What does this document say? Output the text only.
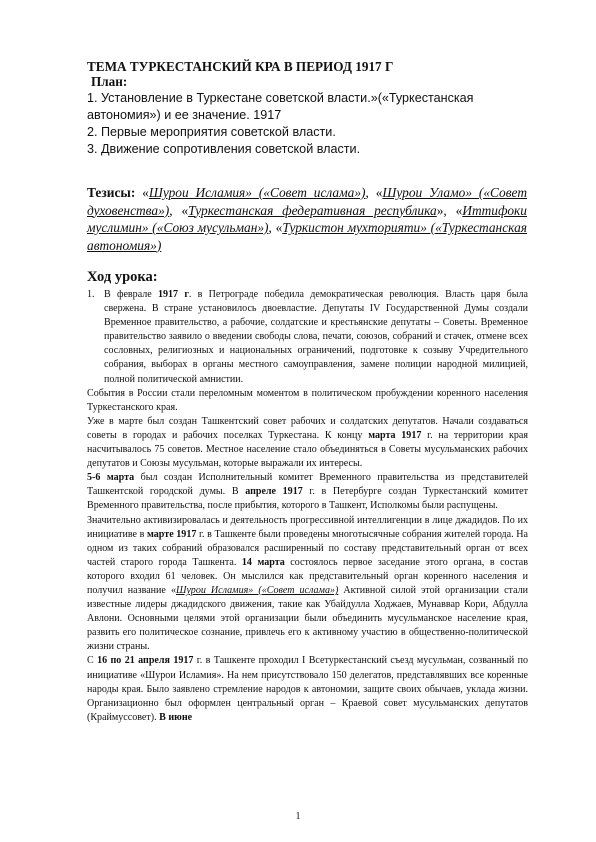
ТЕМА ТУРКЕСТАНСКИЙ КРА В ПЕРИОД 1917 Г
План:
1. Установление в Туркестане советской власти.»(«Туркестанская
автономия») и ее значение. 1917
2. Первые мероприятия советской власти.
3. Движение сопротивления советской власти.
Тезисы: «Шурои Исламия» («Совет ислама»), «Шурои Уламо» («Совет духовенства»), «Туркестанская федеративная республика», «Иттифоки муслимин» («Союз мусульман»), «Туркистон мухторияти» («Туркестанская автономия»)
Ход урока:
1. В феврале 1917 г. в Петрограде победила демократическая революция. Власть царя была свержена. В стране установилось двоевластие. Депутаты IV Государственной Думы создали Временное правительство, а рабочие, солдатские и крестьянские депутаты – Советы. Временное правительство заявило о введении свободы слова, печати, союзов, собраний и стачек, отмене всех сословных, религиозных и национальных ограничений, подготовке к созыву Учредительного собрания, выборах в органы местного самоуправления, замене полиции народной милицией, полной политической амнистии.

События в России стали переломным моментом в политическом пробуждении коренного населения Туркестанского края.

Уже в марте был создан Ташкентский совет рабочих и солдатских депутатов. Начали создаваться советы в городах и рабочих поселках Туркестана. К концу марта 1917 г. на территории края насчитывалось 75 советов. Местное население стало объединяться в Советы мусульманских рабочих депутатов и Союзы мусульман, которые выражали их интересы.

5-6 марта был создан Исполнительный комитет Временного правительства из представителей Ташкентской городской думы. В апреле 1917 г. в Петербурге создан Туркестанский комитет Временного правительства, после прибытия, которого в Ташкент, Исполкомы были распущены.

Значительно активизировалась и деятельность прогрессивной интеллигенции в лице джадидов. По их инициативе в марте 1917 г. в Ташкенте были проведены многотысячные собрания жителей города. На одном из таких собраний образовался расширенный по составу представительный орган от всех частей старого города Ташкента. 14 марта состоялось первое заседание этого органа, в состав которого входил 61 человек. Он мыслился как представительный орган коренного населения и получил название «Шурои Исламия» («Совет ислама») Активной силой этой организации стали известные лидеры джадидского движения, такие как Убайдулла Ходжаев, Мунаввар Кори, Абдулла Авлони. Основными целями этой организации были объединить мусульманское население края, развить его политическое сознание, привлечь его к активному участию в общественно-политической жизни страны.

С 16 по 21 апреля 1917 г. в Ташкенте проходил I Всетуркестанский съезд мусульман, созванный по инициативе «Шурои Исламия». На нем присутствовало 150 делегатов, представлявших все коренные народы края. Было заявлено стремление народов к автономии, защите своих обычаев, уклада жизни. Организационно был оформлен центральный орган – Краевой совет мусульманских депутатов (Краймуссовет). В июне

1
